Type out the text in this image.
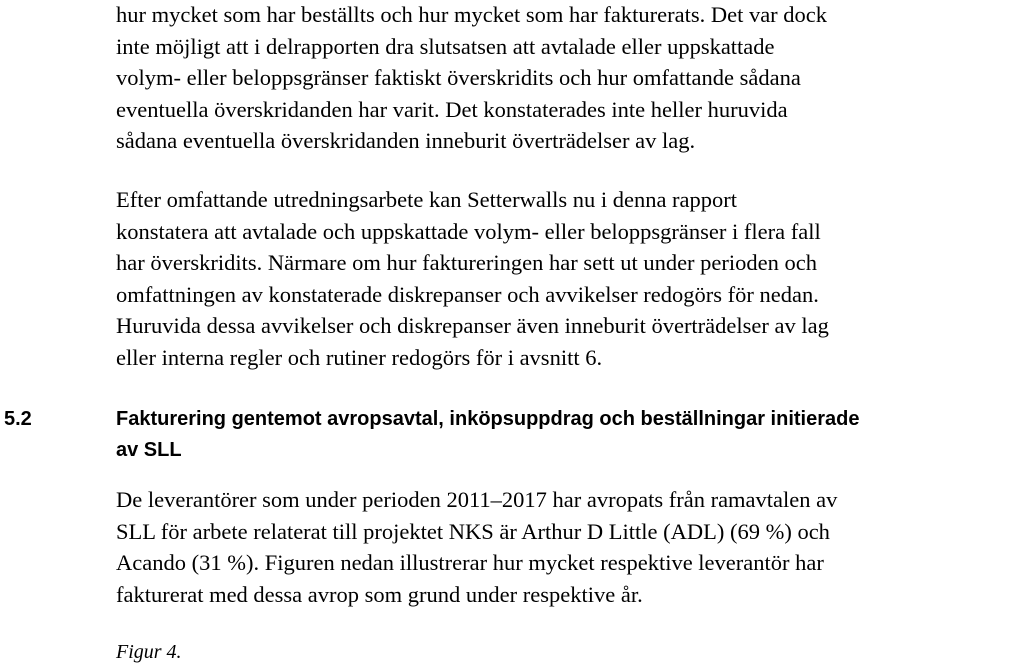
hur mycket som har beställts och hur mycket som har fakturerats. Det var dock
inte möjligt att i delrapporten dra slutsatsen att avtalade eller uppskattade
volym- eller beloppsgränser faktiskt överskridits och hur omfattande sådana
eventuella överskridanden har varit. Det konstaterades inte heller huruvida
sådana eventuella överskridanden inneburit överträdelser av lag.
Efter omfattande utredningsarbete kan Setterwalls nu i denna rapport
konstatera att avtalade och uppskattade volym- eller beloppsgränser i flera fall
har överskridits. Närmare om hur faktureringen har sett ut under perioden och
omfattningen av konstaterade diskrepanser och avvikelser redogörs för nedan.
Huruvida dessa avvikelser och diskrepanser även inneburit överträdelser av lag
eller interna regler och rutiner redogörs för i avsnitt 6.
5.2	Fakturering gentemot avropsavtal, inköpsuppdrag och beställningar initierade
av SLL
De leverantörer som under perioden 2011–2017 har avropats från ramavtalen av
SLL för arbete relaterat till projektet NKS är Arthur D Little (ADL) (69 %) och
Acando (31 %). Figuren nedan illustrerar hur mycket respektive leverantör har
fakturerat med dessa avrop som grund under respektive år.
Figur 4.
